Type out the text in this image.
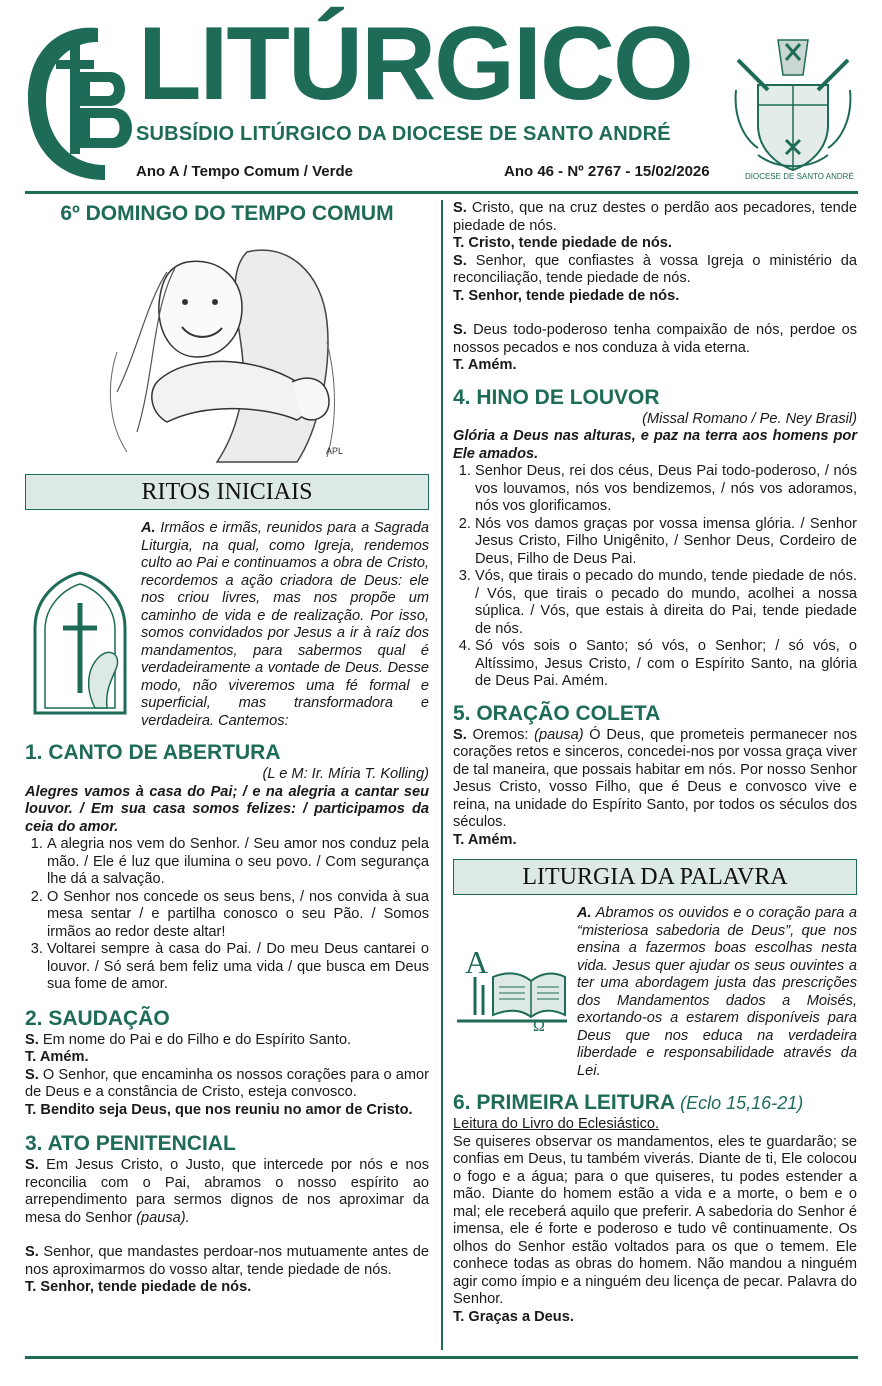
LITÚRGICO
SUBSÍDIO LITÚRGICO DA DIOCESE DE SANTO ANDRÉ
Ano A / Tempo Comum / Verde	Ano 46 - Nº 2767 - 15/02/2026	DIOCESE DE SANTO ANDRÉ
6º DOMINGO DO TEMPO COMUM
APL
RITOS INICIAIS

A. Irmãos e irmãs, reunidos para a Sagrada Liturgia, na qual, como Igreja, rendemos culto ao Pai e continuamos a obra de Cristo, recordemos a ação criadora de Deus: ele nos criou livres, mas nos propõe um caminho de vida e de realização. Por isso, somos convidados por Jesus a ir à raíz dos mandamentos, para sabermos qual é verdadeiramente a vontade de Deus. Desse modo, não viveremos uma fé formal e superficial, mas transformadora e verdadeira. Cantemos:

1. CANTO DE ABERTURA
(L e M: Ir. Míria T. Kolling)

Alegres vamos à casa do Pai; / e na alegria a cantar seu louvor. / Em sua casa somos felizes: / participamos da ceia do amor.

1. A alegria nos vem do Senhor. / Seu amor nos conduz pela mão. / Ele é luz que ilumina o seu povo. / Com segurança lhe dá a salvação.
2. O Senhor nos concede os seus bens, / nos convida à sua mesa sentar / e partilha conosco o seu Pão. / Somos irmãos ao redor deste altar!
3. Voltarei sempre à casa do Pai. / Do meu Deus cantarei o louvor. / Só será bem feliz uma vida / que busca em Deus sua fome de amor.
2. SAUDAÇÃO

S. Em nome do Pai e do Filho e do Espírito Santo.

T. Amém.

S. O Senhor, que encaminha os nossos corações para o amor de Deus e a constância de Cristo, esteja convosco.

T. Bendito seja Deus, que nos reuniu no amor de Cristo.

3. ATO PENITENCIAL

S. Em Jesus Cristo, o Justo, que intercede por nós e nos reconcilia com o Pai, abramos o nosso espírito ao arrependimento para sermos dignos de nos aproximar da mesa do Senhor (pausa).

S. Senhor, que mandastes perdoar-nos mutuamente antes de nos aproximarmos do vosso altar, tende piedade de nós.

T. Senhor, tende piedade de nós.

S. Cristo, que na cruz destes o perdão aos pecadores, tende piedade de nós.

T. Cristo, tende piedade de nós.

S. Senhor, que confiastes à vossa Igreja o ministério da reconciliação, tende piedade de nós.

T. Senhor, tende piedade de nós.

S. Deus todo-poderoso tenha compaixão de nós, perdoe os nossos pecados e nos conduza à vida eterna.

T. Amém.

4. HINO DE LOUVOR
(Missal Romano / Pe. Ney Brasil)

Glória a Deus nas alturas, e paz na terra aos homens por Ele amados.

1. Senhor Deus, rei dos céus, Deus Pai todo-poderoso, / nós vos louvamos, nós vos bendizemos, / nós vos adoramos, nós vos glorificamos.
2. Nós vos damos graças por vossa imensa glória. / Senhor Jesus Cristo, Filho Unigênito, / Senhor Deus, Cordeiro de Deus, Filho de Deus Pai.
3. Vós, que tirais o pecado do mundo, tende piedade de nós. / Vós, que tirais o pecado do mundo, acolhei a nossa súplica. / Vós, que estais à direita do Pai, tende piedade de nós.
4. Só vós sois o Santo; só vós, o Senhor; / só vós, o Altíssimo, Jesus Cristo, / com o Espírito Santo, na glória de Deus Pai. Amém.
5. ORAÇÃO COLETA

S. Oremos: (pausa) Ó Deus, que prometeis permanecer nos corações retos e sinceros, concedei-nos por vossa graça viver de tal maneira, que possais habitar em nós. Por nosso Senhor Jesus Cristo, vosso Filho, que é Deus e convosco vive e reina, na unidade do Espírito Santo, por todos os séculos dos séculos.

T. Amém.

LITURGIA DA PALAVRA
A
Ω

A. Abramos os ouvidos e o coração para a “misteriosa sabedoria de Deus”, que nos ensina a fazermos boas escolhas nesta vida. Jesus quer ajudar os seus ouvintes a ter uma abordagem justa das prescrições dos Mandamentos dados a Moisés, exortando-os a estarem disponíveis para Deus que nos educa na verdadeira liberdade e responsabilidade através da Lei.

6. PRIMEIRA LEITURA (Eclo 15,16-21)

Leitura do Livro do Eclesiástico.

Se quiseres observar os mandamentos, eles te guardarão; se confias em Deus, tu também viverás. Diante de ti, Ele colocou o fogo e a água; para o que quiseres, tu podes estender a mão. Diante do homem estão a vida e a morte, o bem e o mal; ele receberá aquilo que preferir. A sabedoria do Senhor é imensa, ele é forte e poderoso e tudo vê continuamente. Os olhos do Senhor estão voltados para os que o temem. Ele conhece todas as obras do homem. Não mandou a ninguém agir como ímpio e a ninguém deu licença de pecar. Palavra do Senhor.

T. Graças a Deus.
